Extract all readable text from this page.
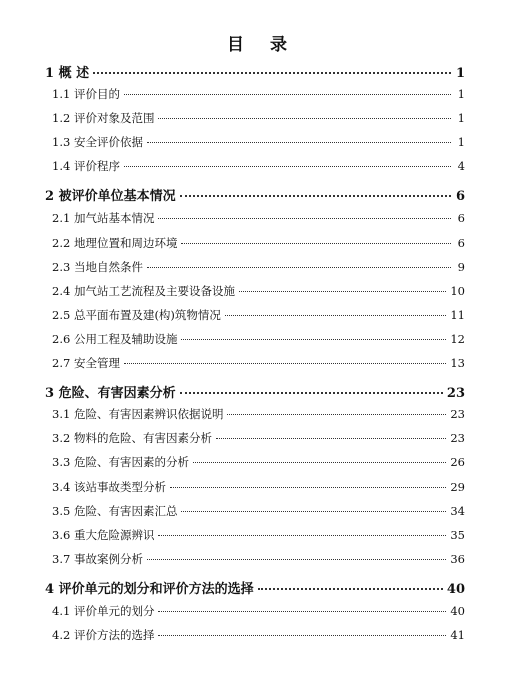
目 录
1 概 述	1
1.1 评价目的	1
1.2 评价对象及范围	1
1.3 安全评价依据	1
1.4 评价程序	4
2 被评价单位基本情况	6
2.1 加气站基本情况	6
2.2 地理位置和周边环境	6
2.3 当地自然条件	9
2.4 加气站工艺流程及主要设备设施	10
2.5 总平面布置及建(构)筑物情况	11
2.6 公用工程及辅助设施	12
2.7 安全管理	13
3 危险、有害因素分析	23
3.1 危险、有害因素辨识依据说明	23
3.2 物料的危险、有害因素分析	23
3.3 危险、有害因素的分析	26
3.4 该站事故类型分析	29
3.5 危险、有害因素汇总	34
3.6 重大危险源辨识	35
3.7 事故案例分析	36
4 评价单元的划分和评价方法的选择	40
4.1 评价单元的划分	40
4.2 评价方法的选择	41
